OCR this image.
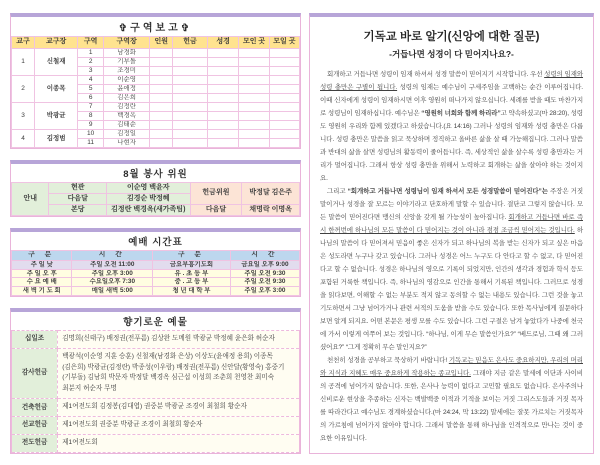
✞구역보고✞
교구	교구장	구역	구역장	인원	헌금	성경	모인 곳	모일 곳
1	신철재	1	남경화					
		2	기부돌					
		3	조경미					
2	이종목	4	이순영					
		5	윤애정					
		6	김은희					
3	박광균	7	김정란					
		8	백경옥					
		9	김태순					
4	김정범	10	김정일					
		11	나현자					
8월 봉사 위원
안내	현관	이순영 백윤자	헌금위원	박정달 김은주
	다음달	김경순 박정혜		
	본당	김정란 백경옥(새가족팀)	다음달	채명락 이명옥
예배 시간표
구 분	시 간	구 분	시 간
주 일 낮	주일 오전 11:00	금요부흥기도회	금요일 오후 9:00
주 일 오 후	주일 오후 3:00	유 . 초 등 부	주일 오전 9:30
수 요 예 배	수요일오후 7:30	중 . 고 등 부	주일 오전 9:30
새 벽 기 도 회	매일 새벽 5:00	청 년 대 학 부	주일 오후 3:00
향기로운 예물
십일조	김명희(신태구) 배정권(전푸름) 김상완 도메원 박광균 박정혜 윤은화 허순자
감사헌금	백광석(이순영 지훈 승훈) 신철재(남경화 은상) 이상도(윤애정 용희) 이종목(김은희) 박광균(김정란) 박종성(이우람) 배정권(전푸름) 신안달(황영숙) 홍중기(기부돌) 김남희 박문자 박정달 백경옥 심근섭 이성희 조춘희 천영찬 최미숙 최분지 허순자 무명
건축헌금	제1여전도회 김정봉(김대엽) 권중분 박광균 조경이 최철희 황순자
선교헌금	제1여전도회 권중분 박광균 조경이 최철희 황순자
전도헌금	제1여전도회
기독교 바로 알기(신앙에 대한 질문)
-거듭나면 성경이 다 믿어지나요?-

회개하고 거듭나면 성령이 임재 하셔서 성경 말씀이 믿어지기 시작합니다. 우선 성령의 임재와 성령 충만은 구별이 됩니다. 성령의 임재는 예수님이 구세주임을 고백하는 순간 이루어집니다. 이때 신자에게 성령이 임재하시면 이후 영원히 떠나가지 않으십니다. 세례를 받을 때도 마찬가지로 성령님이 임재하십니다. 예수님은 “영원히 너희와 함께 하리라”고 약속하셨고(마 28:20), 성령도 영원히 우리와 함께 있겠다고 하셨습니다.(요 14:16) 그러나 성령의 임재와 성령 충만은 다릅니다. 성령 충만은 말씀을 읽고 묵상하며 정직하고 올바른 삶을 살 때 가능해집니다. 그러나 말씀과 반대의 삶을 살면 성령님의 활동력이 줄어듭니다. 즉, 세상적인 삶을 살수록 성령 충만과는 거리가 멀어집니다. 그래서 항상 성령 충만을 위해서 노력하고 회개하는 삶을 살아야 하는 것이지요.

그리고 “회개하고 거듭나면 성령님이 임재 하셔서 모든 성경말씀이 믿어진다”는 주장은 거짓말이거나 성경을 잘 모르는 이야기라고 단호하게 말할 수 있습니다. 결단코 그렇지 않습니다. 모든 말씀이 믿어진다면 맹신의 신앙을 갖게 될 가능성이 높아집니다. 회개하고 거듭나면 바로 즉시 한꺼번에 하나님의 모든 말씀이 다 믿어지는 것이 아니라 점점 조금씩 믿어지는 것입니다. 하나님의 말씀이 다 믿어져서 믿음이 좋은 신자가 되고 하나님의 복을 받는 신자가 되고 싶은 마음은 성도라면 누구나 갖고 있습니다. 그러나 성경은 어느 누구도 다 안다고 할 수 없고, 다 믿어진다고 할 수 없습니다. 성경은 하나님의 영으로 기록이 되었지만, 인간의 생각과 경험과 학식 등도 포함된 거룩한 책입니다. 즉, 하나님의 영감으로 인간을 통해서 기록된 책입니다. 그러므로 성경을 읽다보면, 이해할 수 없는 부분도 적지 않고 동의할 수 없는 내용도 있습니다. 그런 것을 놓고 기도하면서 그냥 넘어가거나 관련 서적의 도움을 받을 수도 있습니다. 또한 목사님에게 질문하다 보면 알게 되지요. 어떤 본문은 평생 모를 수도 있습니다. 그런 구절은 남겨 놓았다가 나중에 천국에 가서 이렇게 여쭈어 보는 것입니다. “하나님, 이게 무슨 말씀인가요?” “베드로님, 그때 왜 그러셨어요?” “그게 정확히 무슨 말인지요?”

천천히 성경을 공부하고 묵상하기 바랍니다! 기독교는 믿음도 은사도 중요하지만, 우리의 머리와 지식과 지혜도 매우 중요하게 작용하는 종교입니다. 그래야 지금 같은 말세에 이단과 사이비의 공격에 넘어가지 않습니다. 또한, 은사나 능력이 없다고 고민할 필요도 없습니다. 은사주의나 신비로운 현상을 추종하는 신자는 백발백중 이적과 기적을 보이는 거짓 그리스도들과 거짓 목자를 따라간다고 예수님도 경계하셨습니다.(마 24:24, 막 13:22) 말세에는 잘못 가르치는 거짓목자의 가르침에 넘어가지 않아야 합니다. 그래서 말씀을 통해 하나님을 인격적으로 만나는 것이 중요한 이유입니다.
